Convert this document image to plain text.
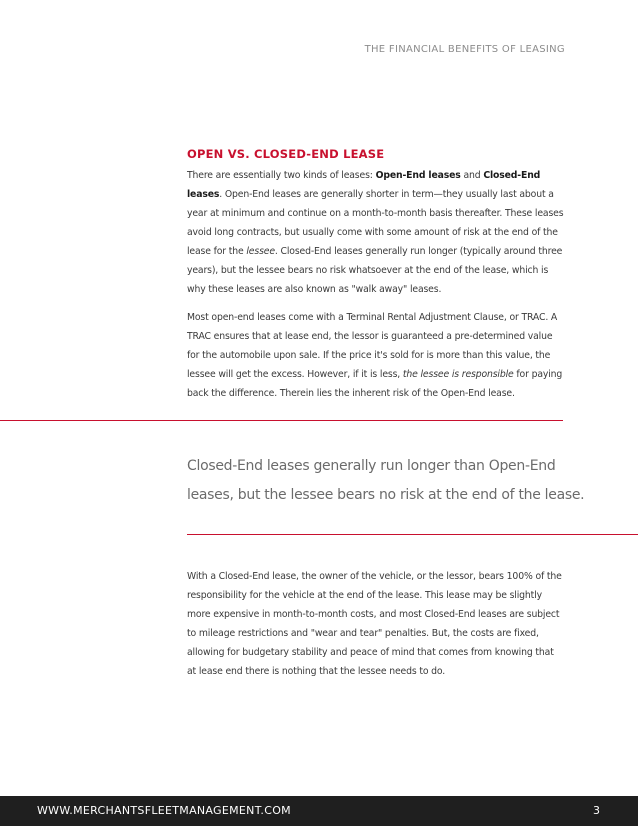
THE FINANCIAL BENEFITS OF LEASING
OPEN VS. CLOSED-END LEASE

There are essentially two kinds of leases: Open-End leases and Closed-End leases. Open-End leases are generally shorter in term—they usually last about a year at minimum and continue on a month-to-month basis thereafter. These leases avoid long contracts, but usually come with some amount of risk at the end of the lease for the lessee. Closed-End leases generally run longer (typically around three years), but the lessee bears no risk whatsoever at the end of the lease, which is why these leases are also known as "walk away" leases.

Most open-end leases come with a Terminal Rental Adjustment Clause, or TRAC. A TRAC ensures that at lease end, the lessor is guaranteed a pre-determined value for the automobile upon sale. If the price it's sold for is more than this value, the lessee will get the excess. However, if it is less, the lessee is responsible for paying back the difference. Therein lies the inherent risk of the Open-End lease.

Closed-End leases generally run longer than Open-End leases, but the lessee bears no risk at the end of the lease.

With a Closed-End lease, the owner of the vehicle, or the lessor, bears 100% of the responsibility for the vehicle at the end of the lease. This lease may be slightly more expensive in month-to-month costs, and most Closed-End leases are subject to mileage restrictions and "wear and tear" penalties. But, the costs are fixed, allowing for budgetary stability and peace of mind that comes from knowing that at lease end there is nothing that the lessee needs to do.

WWW.MERCHANTSFLEETMANAGEMENT.COM	3
